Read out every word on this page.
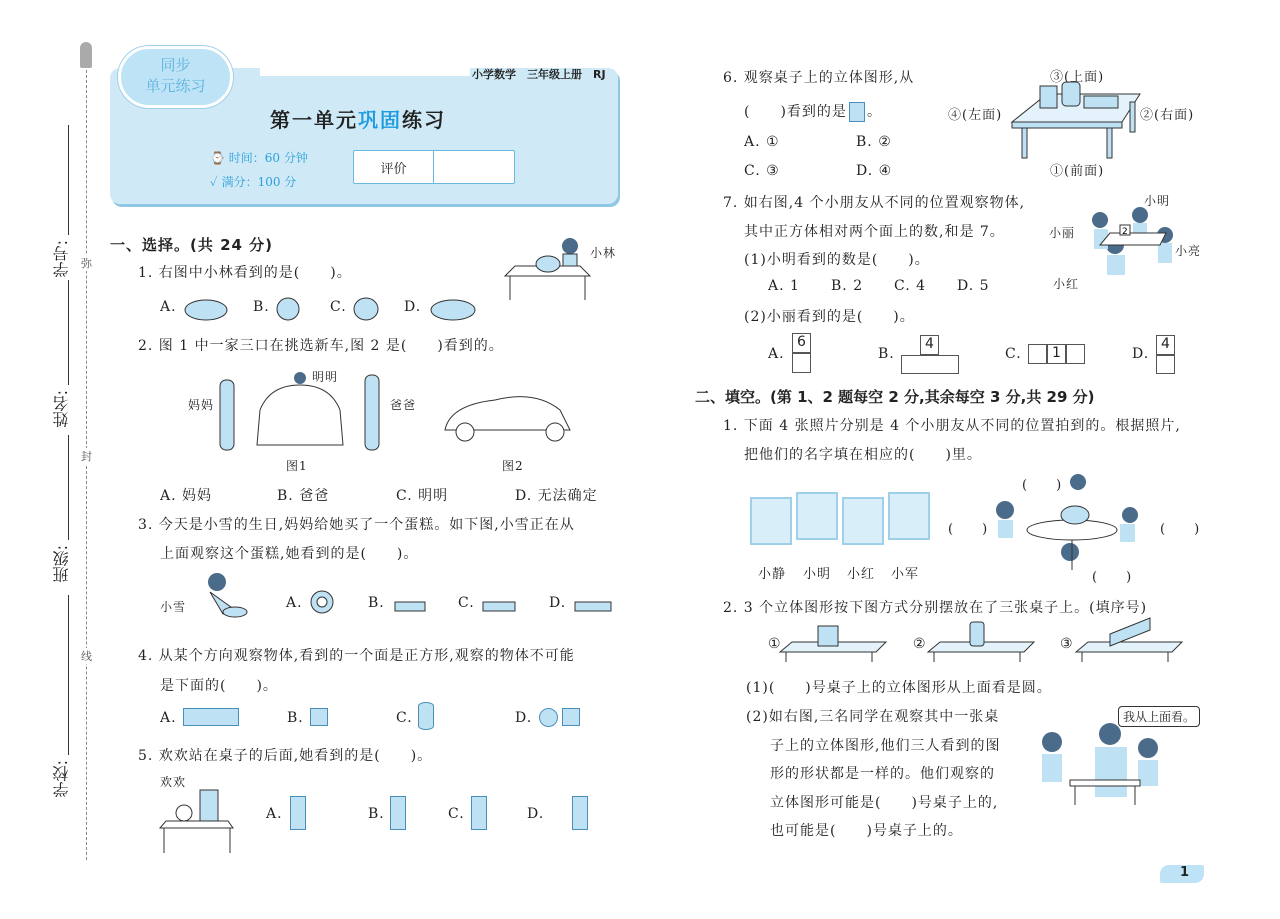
学号:
姓名:
班级:
学校:
弥
封
线
同步
单元练习
小学数学　三年级上册　RJ
第一单元巩固练习
⌚ 时间：60 分钟
✓ 满分：100 分
评价
一、选择。(共 24 分)
1. 右图中小林看到的是(　　)。
小林
A.	B.	C.	D.
2. 图 1 中一家三口在挑选新车,图 2 是(　　)看到的。
妈妈
明明
爸爸
图1	图2
A. 妈妈	B. 爸爸	C. 明明	D. 无法确定
3. 今天是小雪的生日,妈妈给她买了一个蛋糕。如下图,小雪正在从
上面观察这个蛋糕,她看到的是(　　)。
小雪	A.	B.	C.	D.
4. 从某个方向观察物体,看到的一个面是正方形,观察的物体不可能
是下面的(　　)。
A.	B.	C.	D.
5. 欢欢站在桌子的后面,她看到的是(　　)。
欢欢
A.	B.	C.	D.
6. 观察桌子上的立体图形,从
(　　)看到的是 。
A. ①	B. ②
C. ③	D. ④
③(上面)
④(左面)	②(右面)
①(前面)
7. 如右图,4 个小朋友从不同的位置观察物体,
其中正方体相对两个面上的数,和是 7。
(1)小明看到的数是(　　)。
A. 1 B. 2 C. 4 D. 5
(2)小丽看到的是(　　)。
2
小明
小丽
小亮
小红
A.
6
B.
4
C.	1	D.
4
二、填空。(第 1、2 题每空 2 分,其余每空 3 分,共 29 分)
1. 下面 4 张照片分别是 4 个小朋友从不同的位置拍到的。根据照片,
把他们的名字填在相应的(　　)里。
小静 小明 小红 小军
(　　)
(　　)	(　　)
(　　)
2. 3 个立体图形按下图方式分别摆放在了三张桌子上。(填序号)
①	②	③
(1)(　　)号桌子上的立体图形从上面看是圆。
(2)如右图,三名同学在观察其中一张桌
子上的立体图形,他们三人看到的图
形的形状都是一样的。他们观察的
立体图形可能是(　　)号桌子上的,
也可能是(　　)号桌子上的。
我从上面看。
1
